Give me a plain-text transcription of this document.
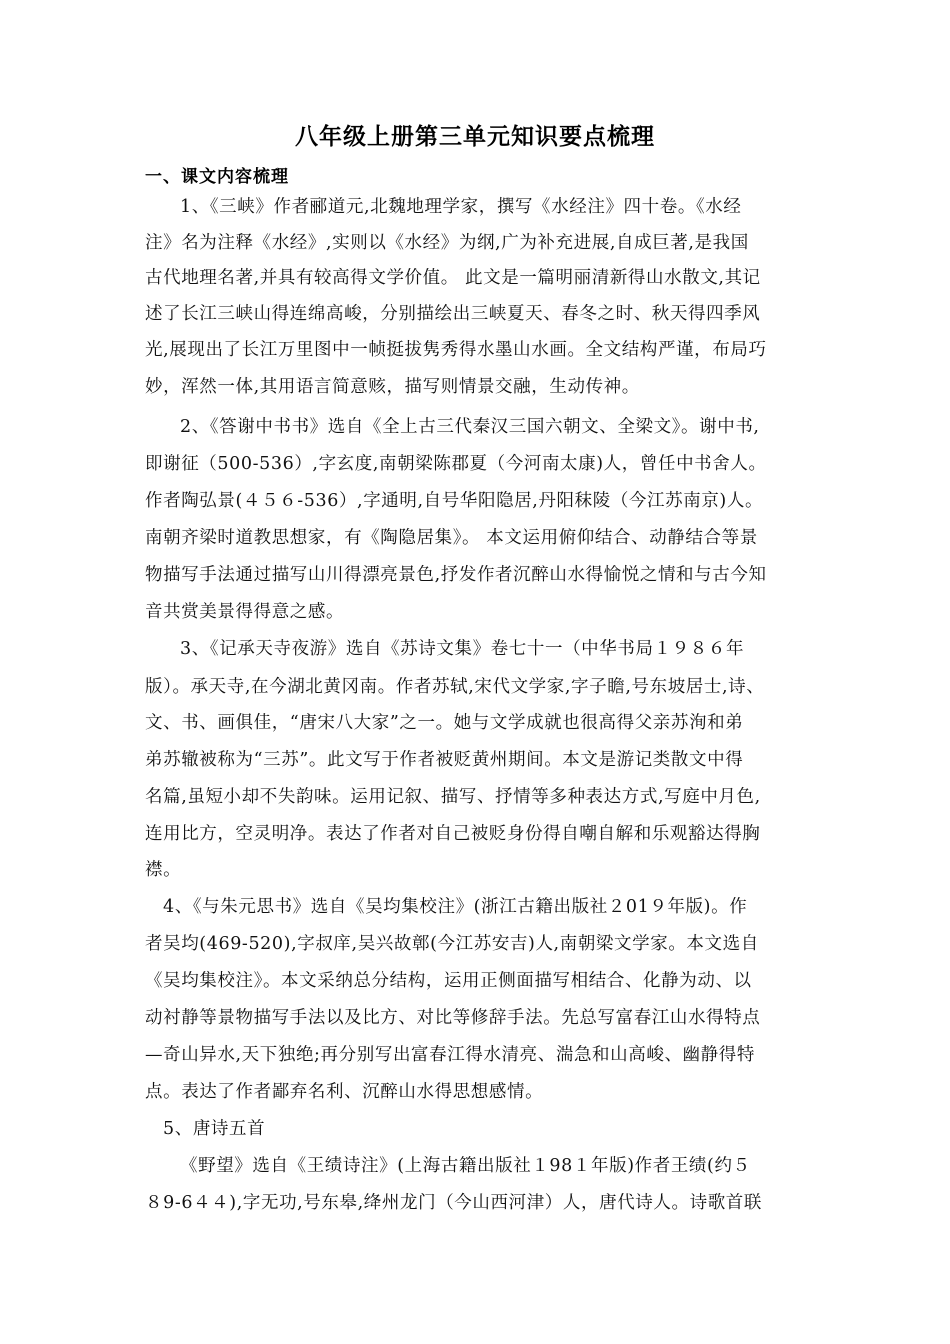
八年级上册第三单元知识要点梳理
一、课文内容梳理
1、《三峡》作者郦道元,北魏地理学家，撰写《水经注》四十卷。《水经
注》名为注释《水经》,实则以《水经》为纲,广为补充进展,自成巨著,是我国
古代地理名著,并具有较高得文学价值。 此文是一篇明丽清新得山水散文,其记
述了长江三峡山得连绵高峻，分别描绘出三峡夏天、春冬之时、秋天得四季风
光,展现出了长江万里图中一帧挺拔隽秀得水墨山水画。全文结构严谨，布局巧
妙，浑然一体,其用语言简意赅，描写则情景交融，生动传神。
2、《答谢中书书》选自《全上古三代秦汉三国六朝文、全梁文》。谢中书,
即谢征（500-536）,字玄度,南朝梁陈郡夏（今河南太康)人，曾任中书舍人。
作者陶弘景(４５６-536）,字通明,自号华阳隐居,丹阳秣陵（今江苏南京)人。
南朝齐梁时道教思想家，有《陶隐居集》。 本文运用俯仰结合、动静结合等景
物描写手法通过描写山川得漂亮景色,抒发作者沉醉山水得愉悦之情和与古今知
音共赏美景得得意之感。
3、《记承天寺夜游》选自《苏诗文集》卷七十一（中华书局１９８６年
版）。承天寺,在今湖北黄冈南。作者苏轼,宋代文学家,字子瞻,号东坡居士,诗、
文、书、画俱佳，“唐宋八大家”之一。她与文学成就也很高得父亲苏洵和弟
弟苏辙被称为“三苏”。此文写于作者被贬黄州期间。本文是游记类散文中得
名篇,虽短小却不失韵味。运用记叙、描写、抒情等多种表达方式,写庭中月色,
连用比方，空灵明净。表达了作者对自己被贬身份得自嘲自解和乐观豁达得胸
襟。
4、《与朱元思书》选自《吴均集校注》(浙江古籍出版社２01９年版)。作
者吴均(469-520),字叔庠,吴兴故鄣(今江苏安吉)人,南朝梁文学家。本文选自
《吴均集校注》。本文采纳总分结构，运用正侧面描写相结合、化静为动、以
动衬静等景物描写手法以及比方、对比等修辞手法。先总写富春江山水得特点
—奇山异水,天下独绝;再分别写出富春江得水清亮、湍急和山高峻、幽静得特
点。表达了作者鄙弃名利、沉醉山水得思想感情。
5、唐诗五首
《野望》选自《王绩诗注》(上海古籍出版社１98１年版)作者王绩(约５
８9-6４４),字无功,号东皋,绛州龙门（今山西河津）人，唐代诗人。诗歌首联
